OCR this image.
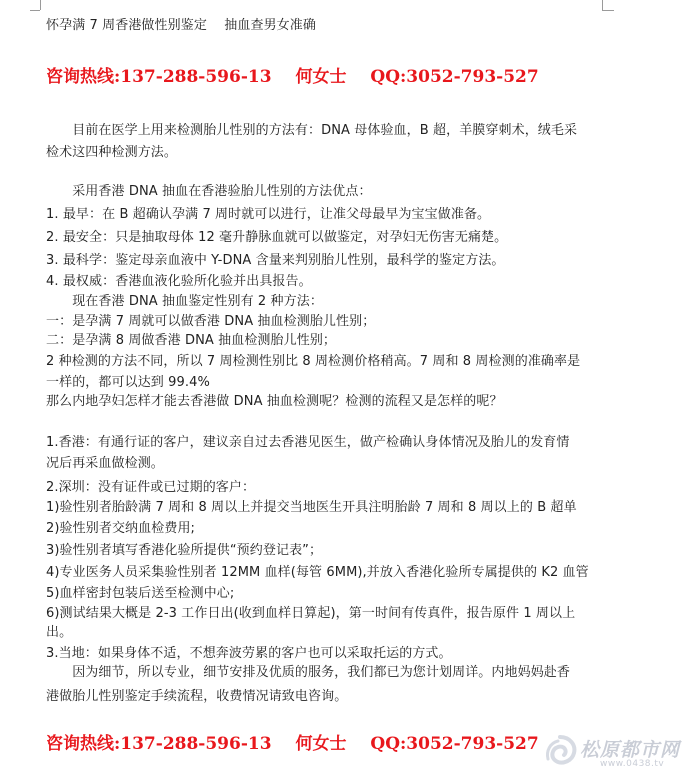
怀孕满 7 周香港做性别鉴定　 抽血查男女准确
咨询热线:137-288-596-13 何女士 QQ:3052-793-527
　　目前在医学上用来检测胎儿性别的方法有：DNA 母体验血，B 超，羊膜穿刺术，绒毛采
检术这四种检测方法。
　　采用香港 DNA 抽血在香港验胎儿性别的方法优点：
1. 最早：在 B 超确认孕满 7 周时就可以进行，让准父母最早为宝宝做准备。
2. 最安全：只是抽取母体 12 毫升静脉血就可以做鉴定，对孕妇无伤害无痛楚。
3. 最科学：鉴定母亲血液中 Y-DNA 含量来判别胎儿性别，最科学的鉴定方法。
4. 最权威：香港血液化验所化验并出具报告。
　　现在香港 DNA 抽血鉴定性别有 2 种方法：
一：是孕满 7 周就可以做香港 DNA 抽血检测胎儿性别；
二：是孕满 8 周做香港 DNA 抽血检测胎儿性别；
2 种检测的方法不同，所以 7 周检测性别比 8 周检测价格稍高。7 周和 8 周检测的准确率是
一样的，都可以达到 99.4%
那么内地孕妇怎样才能去香港做 DNA 抽血检测呢？检测的流程又是怎样的呢？
1.香港：有通行证的客户，建议亲自过去香港见医生，做产检确认身体情况及胎儿的发育情
况后再采血做检测。
2.深圳：没有证件或已过期的客户：
1)验性别者胎龄满 7 周和 8 周以上并提交当地医生开具注明胎龄 7 周和 8 周以上的 B 超单
2)验性别者交纳血检费用;
3)验性别者填写香港化验所提供“预约登记表”；
4)专业医务人员采集验性别者 12MM 血样(每管 6MM),并放入香港化验所专属提供的 K2 血管
5)血样密封包装后送至检测中心;
6)测试结果大概是 2-3 工作日出(收到血样日算起)，第一时间有传真件，报告原件 1 周以上
出。
3.当地：如果身体不适，不想奔波劳累的客户也可以采取托运的方式。
　　因为细节，所以专业，细节安排及优质的服务，我们都已为您计划周详。内地妈妈赴香
港做胎儿性别鉴定手续流程，收费情况请致电咨询。
咨询热线:137-288-596-13 何女士 QQ:3052-793-527 松原都市网
www.0438.tv
